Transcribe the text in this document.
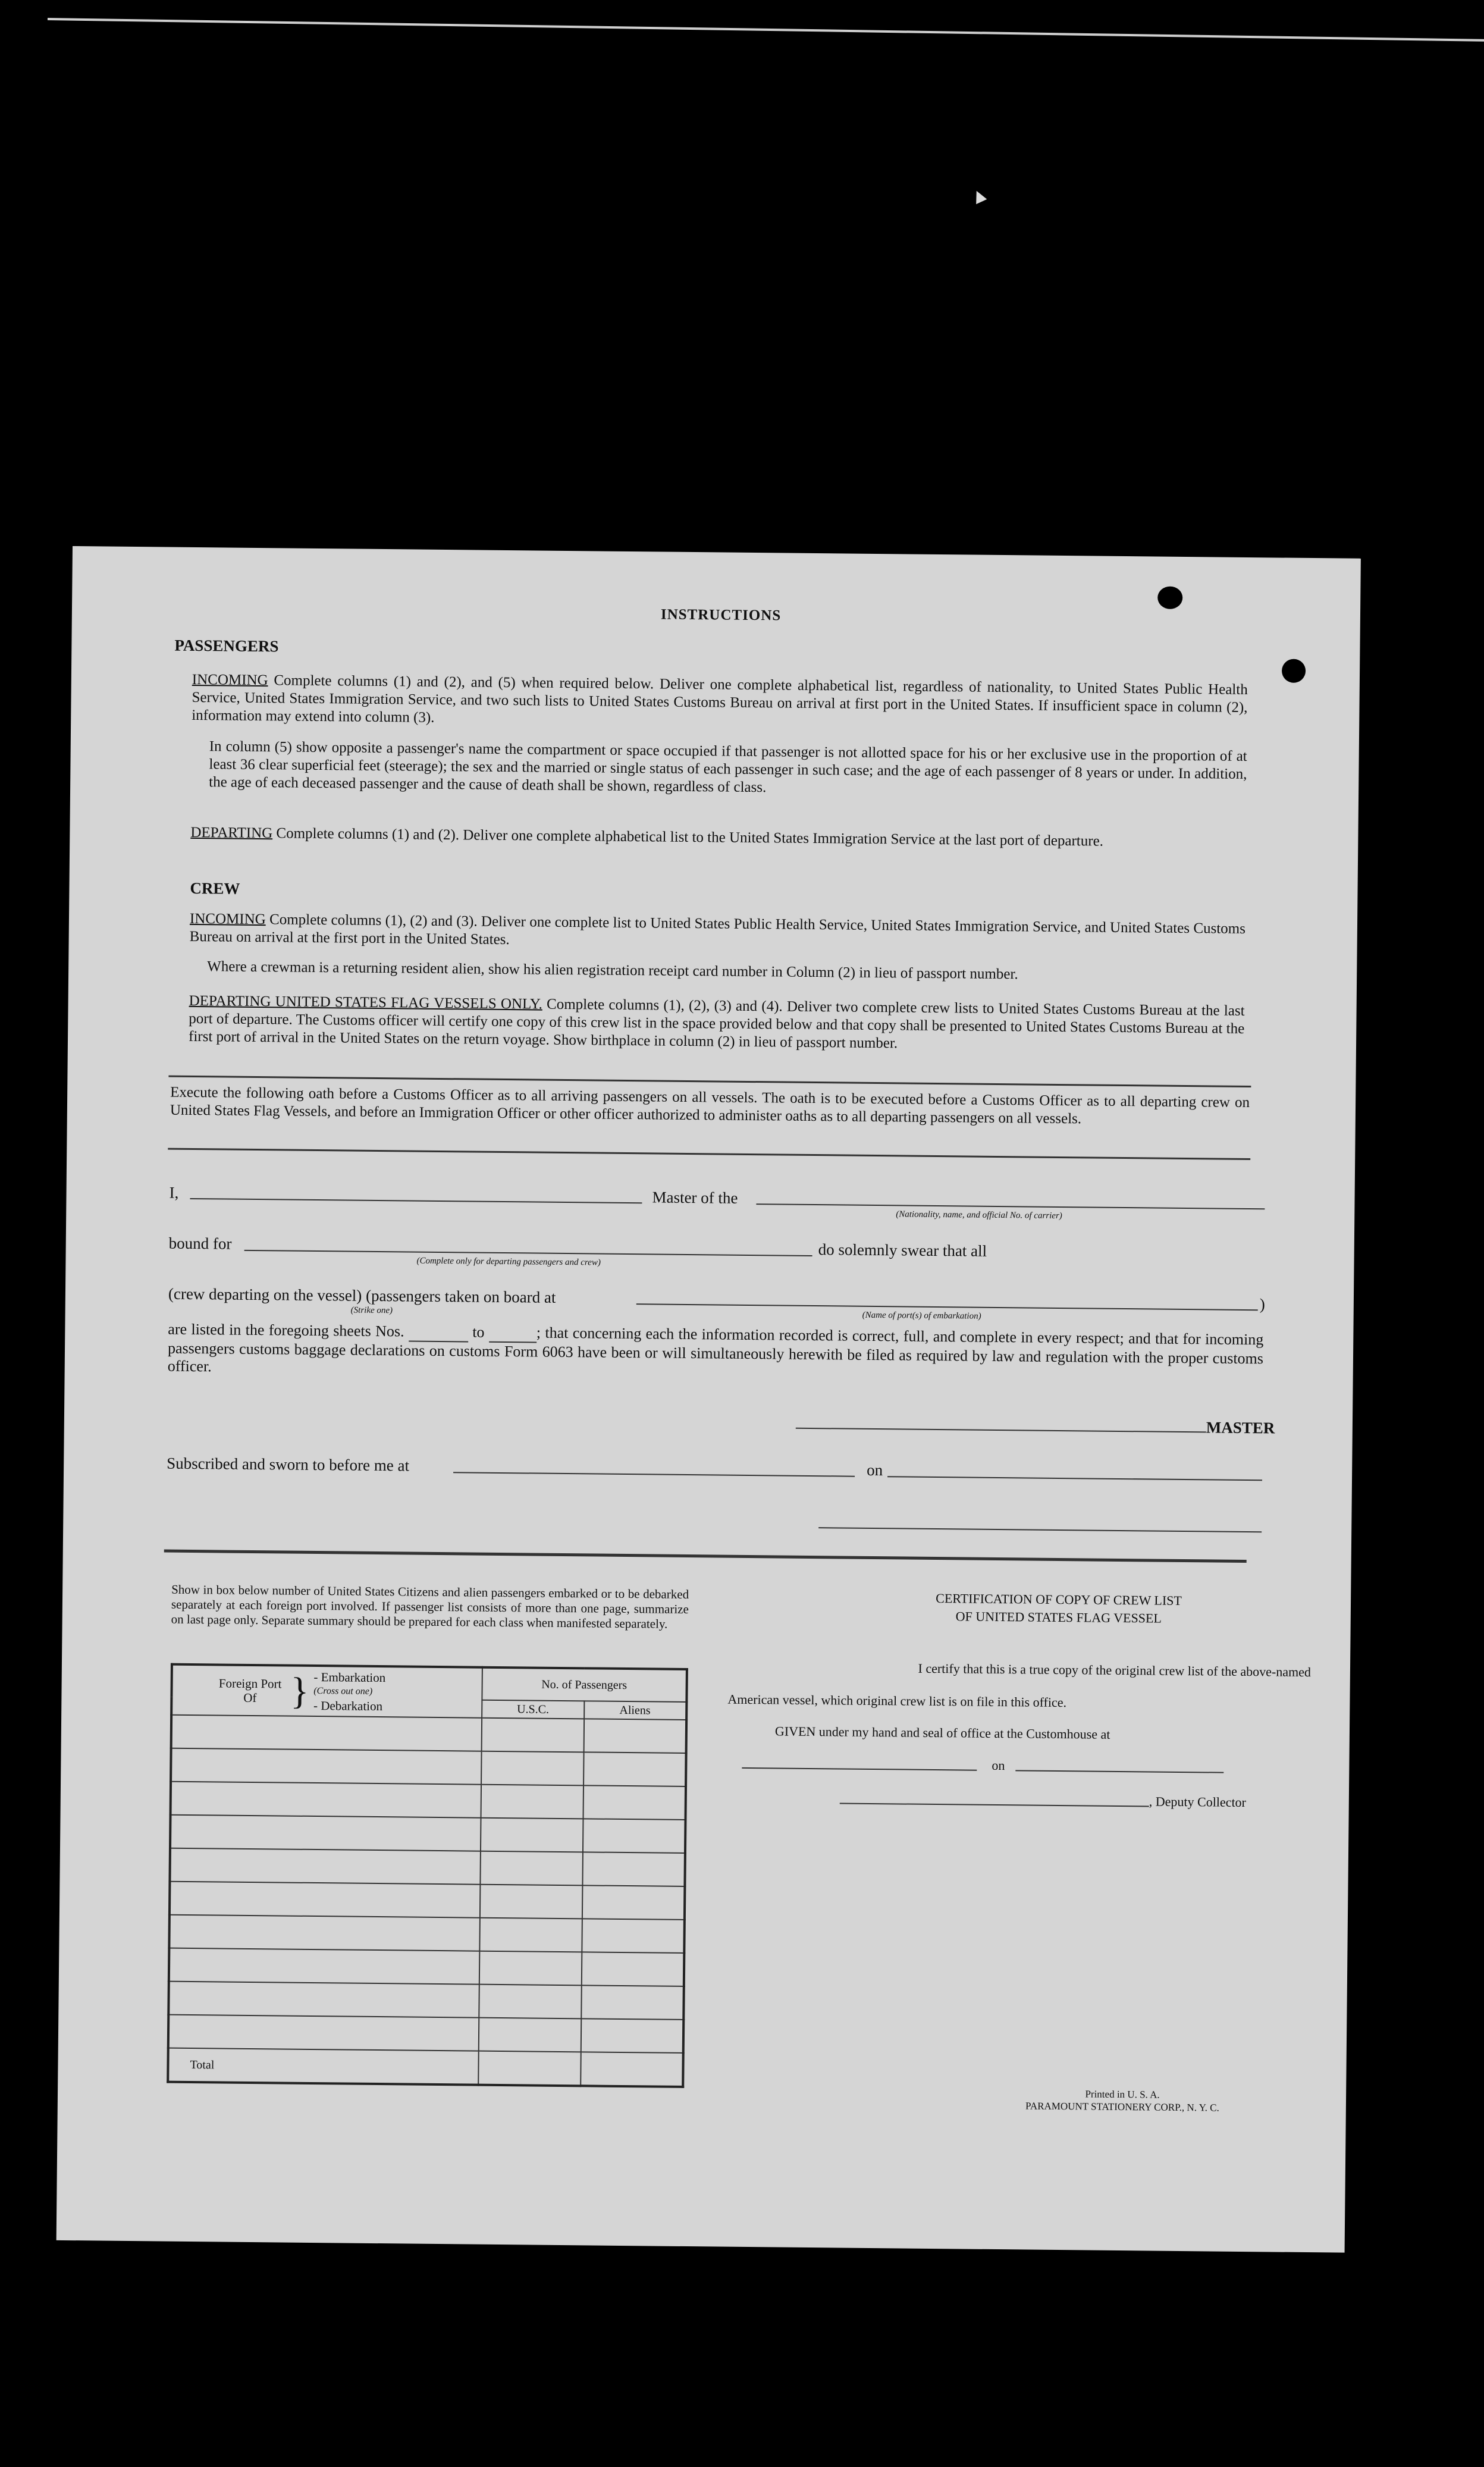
INSTRUCTIONS
PASSENGERS
INCOMING Complete columns (1) and (2), and (5) when required below. Deliver one complete alphabetical list, regardless of nationality, to United States Public Health Service, United States Immigration Service, and two such lists to United States Customs Bureau on arrival at first port in the United States. If insufficient space in column (2), information may extend into column (3).
In column (5) show opposite a passenger's name the compartment or space occupied if that passenger is not allotted space for his or her exclusive use in the proportion of at least 36 clear superficial feet (steerage); the sex and the married or single status of each passenger in such case; and the age of each passenger of 8 years or under. In addition, the age of each deceased passenger and the cause of death shall be shown, regardless of class.
DEPARTING Complete columns (1) and (2). Deliver one complete alphabetical list to the United States Immigration Service at the last port of departure.
CREW
INCOMING Complete columns (1), (2) and (3). Deliver one complete list to United States Public Health Service, United States Immigration Service, and United States Customs Bureau on arrival at the first port in the United States.
Where a crewman is a returning resident alien, show his alien registration receipt card number in Column (2) in lieu of passport number.
DEPARTING UNITED STATES FLAG VESSELS ONLY. Complete columns (1), (2), (3) and (4). Deliver two complete crew lists to United States Customs Bureau at the last port of departure. The Customs officer will certify one copy of this crew list in the space provided below and that copy shall be presented to United States Customs Bureau at the first port of arrival in the United States on the return voyage. Show birthplace in column (2) in lieu of passport number.
Execute the following oath before a Customs Officer as to all arriving passengers on all vessels. The oath is to be executed before a Customs Officer as to all departing crew on United States Flag Vessels, and before an Immigration Officer or other officer authorized to administer oaths as to all departing passengers on all vessels.
I,	Master of the
(Nationality, name, and official No. of carrier)
bound for
(Complete only for departing passengers and crew)
do solemnly swear that all
(crew departing on the vessel) (passengers taken on board at
(Strike one)	(Name of port(s) of embarkation)
)
are listed in the foregoing sheets Nos.	to	; that concerning each the information recorded is correct, full, and complete in every respect; and that for incoming passengers customs baggage declarations on customs Form 6063 have been or will simultaneously herewith be filed as required by law and regulation with the proper customs officer.
MASTER
Subscribed and sworn to before me at	on
Show in box below number of United States Citizens and alien passengers embarked or to be debarked separately at each foreign port involved. If passenger list consists of more than one page, summarize on last page only. Separate summary should be prepared for each class when manifested separately.
Foreign Port Of } - Embarkation
(Cross out one)
- Debarkation	No. of Passengers	
	U.S.C.	Aliens

Total		
CERTIFICATION OF COPY OF CREW LIST
OF UNITED STATES FLAG VESSEL
I certify that this is a true copy of the original crew list of the above-named
American vessel, which original crew list is on file in this office.
GIVEN under my hand and seal of office at the Customhouse at
on
, Deputy Collector
Printed in U. S. A.
PARAMOUNT STATIONERY CORP., N. Y. C.
